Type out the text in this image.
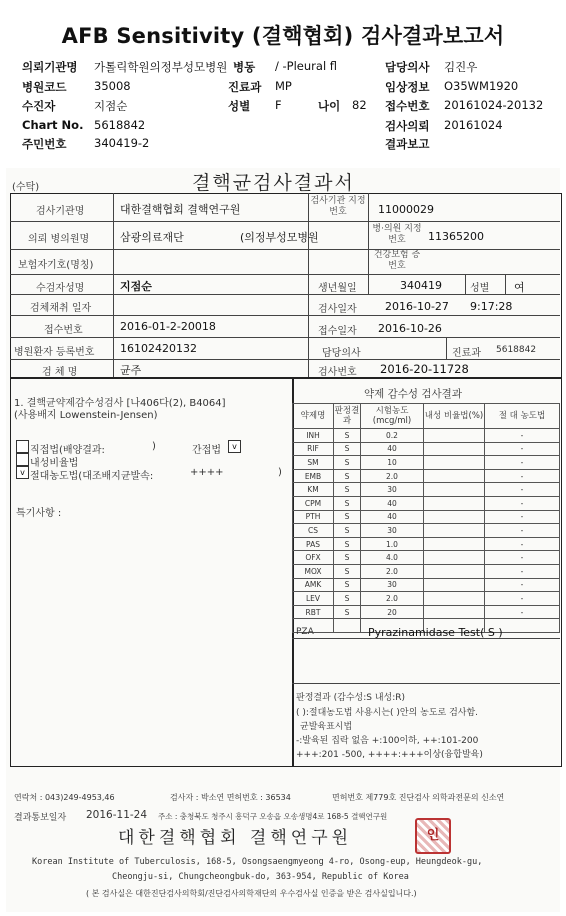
AFB Sensitivity (결핵협회) 검사결과보고서
의뢰기관명 가톨릭학원의정부성모병원 병동 / -Pleural fl	담당의사 김진우
병원코드 35008	진료과 MP	임상정보 O35WM1920
수진자	지점순	성별 F	나이 82 접수번호 20161024-20132
Chart No. 5618842	검사의뢰 20161024
주민번호 340419-2	결과보고
(수탁)	결핵균검사결과서
검사기관명	대한결핵협회 결핵연구원
검사기관 지정번호	11000029
의뢰 병의원명	삼광의료재단	(의정부성모병원
병·의원 지정번호	11365200
보험자기호(명칭)
건강보험 증번호
수검자성명	지점순	생년월일	340419	성별 여
검체채취 일자	검사일자	2016-10-27 9:17:28
접수번호	2016-01-2-20018	접수일자 2016-10-26
병원환자 등록번호 16102420132	담당의사	진료과 5618842
검 체 명	균주	검사번호 2016-20-11728
1. 결핵균약제감수성검사 [나406다(2), B4064]
(사용배지 Lowenstein-Jensen)
직접법(배양결과:	)	간접법	v
내성비율법
v 절대농도법(대조배지균발속:	++++	)
특기사항 :
약제 감수성 검사결과
약제명	판정결과	시험농도 (mcg/ml)	내성 비율법(%)	절 대 농도법
INH	S	0.2		-
RIF	S	40		-
SM	S	10		-
EMB	S	2.0		-
KM	S	30		-
CPM	S	40		-
PTH	S	40		-
CS	S	30		-
PAS	S	1.0		-
OFX	S	4.0		-
MOX	S	2.0		-
AMK	S	30		-
LEV	S	2.0		-
RBT	S	20		-

PZA	Pyrazinamidase Test( S )
판정결과 (감수성:S 내성:R)
( ):절대농도법 사용시는( )안의 농도로 검사함.
균발육표시법
-:발육된 집락 없음 +:100이하, ++:101-200
+++:201 -500, ++++:+++이상(융합발육)
연락처 : 043)249-4953,46	검사자 : 박소연 면허번호 : 36534	면허번호 제779호 진단검사 의학과전문의 신소연
결과통보일자 2016-11-24 주소 : 충청북도 청주시 흥덕구 오송읍 오송생명4로 168-5 결핵연구원
대한결핵협회 결핵연구원	인
Korean Institute of Tuberculosis, 168-5, Osongsaengmyeong 4-ro, Osong-eup, Heungdeok-gu,
Cheongju-si, Chungcheongbuk-do, 363-954, Republic of Korea
( 본 검사실은 대한진단검사의학회/진단검사의학재단의 우수검사실 인증을 받은 검사실입니다.)
